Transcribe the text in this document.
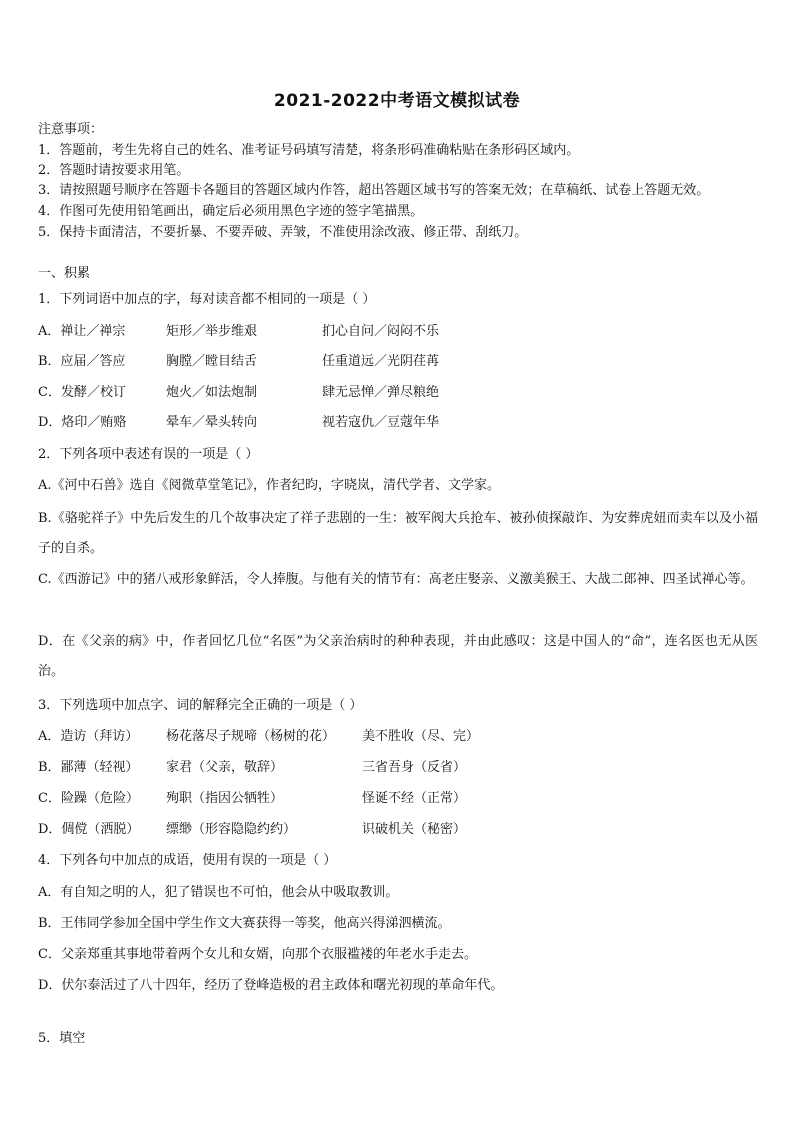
2021-2022中考语文模拟试卷
注意事项：
1．答题前，考生先将自己的姓名、准考证号码填写清楚，将条形码准确粘贴在条形码区域内。
2．答题时请按要求用笔。
3．请按照题号顺序在答题卡各题目的答题区域内作答，超出答题区域书写的答案无效；在草稿纸、试卷上答题无效。
4．作图可先使用铅笔画出，确定后必须用黑色字迹的签字笔描黑。
5．保持卡面清洁，不要折暴、不要弄破、弄皱，不准使用涂改液、修正带、刮纸刀。
一、积累
1．下列词语中加点的字，每对读音都不相同的一项是（ ）
A．禅让／禅宗	矩形／举步维艰	扪心自问／闷闷不乐
B．应届／答应	胸膛／瞠目结舌	任重道远／光阴荏苒
C．发酵／校订	炮火／如法炮制	肆无忌惮／弹尽粮绝
D．烙印／贿赂	晕车／晕头转向	视若寇仇／豆蔻年华
2．下列各项中表述有误的一项是（ ）
A.《河中石兽》选自《阅微草堂笔记》，作者纪昀，字晓岚，清代学者、文学家。
B.《骆驼祥子》中先后发生的几个故事决定了祥子悲剧的一生：被军阀大兵抢车、被孙侦探敲诈、为安葬虎妞而卖车以及小福子的自杀。
C.《西游记》中的猪八戒形象鲜活，令人捧腹。与他有关的情节有：高老庄娶亲、义激美猴王、大战二郎神、四圣试禅心等。
D．在《父亲的病》中，作者回忆几位“名医”为父亲治病时的种种表现，并由此感叹：这是中国人的“命”，连名医也无从医治。
3．下列选项中加点字、词的解释完全正确的一项是（ ）
A．造访（拜访） 杨花落尽子规啼（杨树的花） 美不胜收（尽、完）
B．鄙薄（轻视） 家君（父亲，敬辞）	三省吾身（反省）
C．险躁（危险） 殉职（指因公牺牲）	怪诞不经（正常）
D．倜傥（洒脱） 缥缈（形容隐隐约约）	识破机关（秘密）
4．下列各句中加点的成语，使用有误的一项是（ ）
A．有自知之明的人，犯了错误也不可怕，他会从中吸取教训。
B．王伟同学参加全国中学生作文大赛获得一等奖，他高兴得涕泗横流。
C．父亲郑重其事地带着两个女儿和女婿，向那个衣服褴褛的年老水手走去。
D．伏尔泰活过了八十四年，经历了登峰造极的君主政体和曙光初现的革命年代。
5．填空
